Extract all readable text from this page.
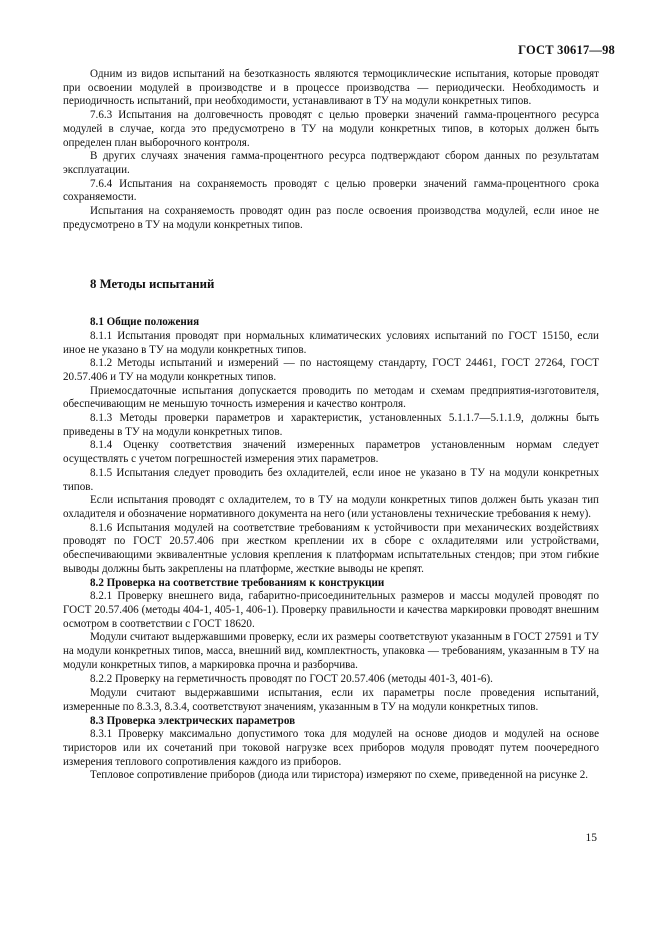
ГОСТ 30617—98

Одним из видов испытаний на безотказность являются термоциклические испытания, которые проводят при освоении модулей в производстве и в процессе производства — периодически. Необходимость и периодичность испытаний, при необходимости, устанавливают в ТУ на модули конкретных типов.

7.6.3 Испытания на долговечность проводят с целью проверки значений гамма-процентного ресурса модулей в случае, когда это предусмотрено в ТУ на модули конкретных типов, в которых должен быть определен план выборочного контроля.

В других случаях значения гамма-процентного ресурса подтверждают сбором данных по результатам эксплуатации.

7.6.4 Испытания на сохраняемость проводят с целью проверки значений гамма-процентного срока сохраняемости.

Испытания на сохраняемость проводят один раз после освоения производства модулей, если иное не предусмотрено в ТУ на модули конкретных типов.

8 Методы испытаний
8.1 Общие положения

8.1.1 Испытания проводят при нормальных климатических условиях испытаний по ГОСТ 15150, если иное не указано в ТУ на модули конкретных типов.

8.1.2 Методы испытаний и измерений — по настоящему стандарту, ГОСТ 24461, ГОСТ 27264, ГОСТ 20.57.406 и ТУ на модули конкретных типов.

Приемосдаточные испытания допускается проводить по методам и схемам предприятия-изготовителя, обеспечивающим не меньшую точность измерения и качество контроля.

8.1.3 Методы проверки параметров и характеристик, установленных 5.1.1.7—5.1.1.9, должны быть приведены в ТУ на модули конкретных типов.

8.1.4 Оценку соответствия значений измеренных параметров установленным нормам следует осуществлять с учетом погрешностей измерения этих параметров.

8.1.5 Испытания следует проводить без охладителей, если иное не указано в ТУ на модули конкретных типов.

Если испытания проводят с охладителем, то в ТУ на модули конкретных типов должен быть указан тип охладителя и обозначение нормативного документа на него (или установлены технические требования к нему).

8.1.6 Испытания модулей на соответствие требованиям к устойчивости при механических воздействиях проводят по ГОСТ 20.57.406 при жестком креплении их в сборе с охладителями или устройствами, обеспечивающими эквивалентные условия крепления к платформам испытательных стендов; при этом гибкие выводы должны быть закреплены на платформе, жесткие выводы не крепят.

8.2 Проверка на соответствие требованиям к конструкции

8.2.1 Проверку внешнего вида, габаритно-присоединительных размеров и массы модулей проводят по ГОСТ 20.57.406 (методы 404-1, 405-1, 406-1). Проверку правильности и качества маркировки проводят внешним осмотром в соответствии с ГОСТ 18620.

Модули считают выдержавшими проверку, если их размеры соответствуют указанным в ГОСТ 27591 и ТУ на модули конкретных типов, масса, внешний вид, комплектность, упаковка — требованиям, указанным в ТУ на модули конкретных типов, а маркировка прочна и разборчива.

8.2.2 Проверку на герметичность проводят по ГОСТ 20.57.406 (методы 401-3, 401-6).

Модули считают выдержавшими испытания, если их параметры после проведения испытаний, измеренные по 8.3.3, 8.3.4, соответствуют значениям, указанным в ТУ на модули конкретных типов.

8.3 Проверка электрических параметров

8.3.1 Проверку максимально допустимого тока для модулей на основе диодов и модулей на основе тиристоров или их сочетаний при токовой нагрузке всех приборов модуля проводят путем поочередного измерения теплового сопротивления каждого из приборов.

Тепловое сопротивление приборов (диода или тиристора) измеряют по схеме, приведенной на рисунке 2.

15
